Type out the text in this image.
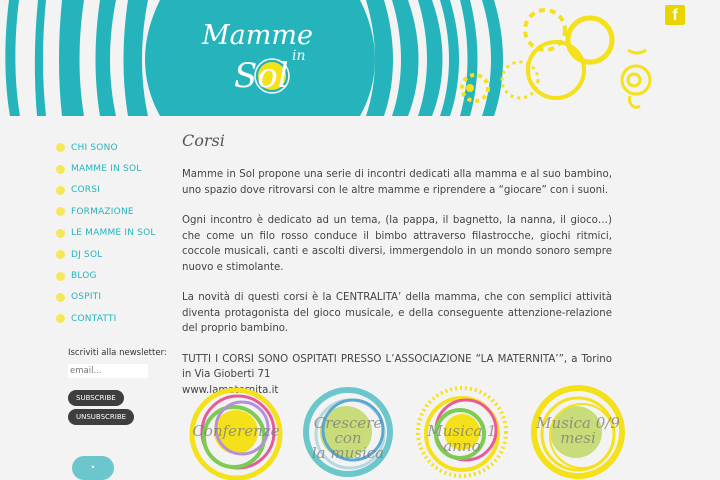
Mamme
in
Sol
f
CHI SONO
MAMME IN SOL
CORSI
FORMAZIONE
LE MAMME IN SOL
DJ SOL
BLOG
OSPITI
CONTATTI
Iscriviti alla newsletter:
email...
SUBSCRIBE
UNSUBSCRIBE
•
Corsi

Mamme in Sol propone una serie di incontri dedicati alla mamma e al suo bambino, uno spazio dove ritrovarsi con le altre mamme e riprendere a “giocare” con i suoni.

Ogni incontro è dedicato ad un tema, (la pappa, il bagnetto, la nanna, il gioco…) che come un filo rosso conduce il bimbo attraverso filastrocche, giochi ritmici, coccole musicali, canti e ascolti diversi, immergendolo in un mondo sonoro sempre nuovo e stimolante.

La novità di questi corsi è la CENTRALITA’ della mamma, che con semplici attività diventa protagonista del gioco musicale, e della conseguente attenzione-relazione del proprio bambino.

TUTTI I CORSI SONO OSPITATI PRESSO L’ASSOCIAZIONE “LA MATERNITA’”, a Torino in Via Gioberti 71
www.lamaternita.it

Conferenze	Crescere con
la musica
Musica 1 anno
Musica 0/9
mesi
